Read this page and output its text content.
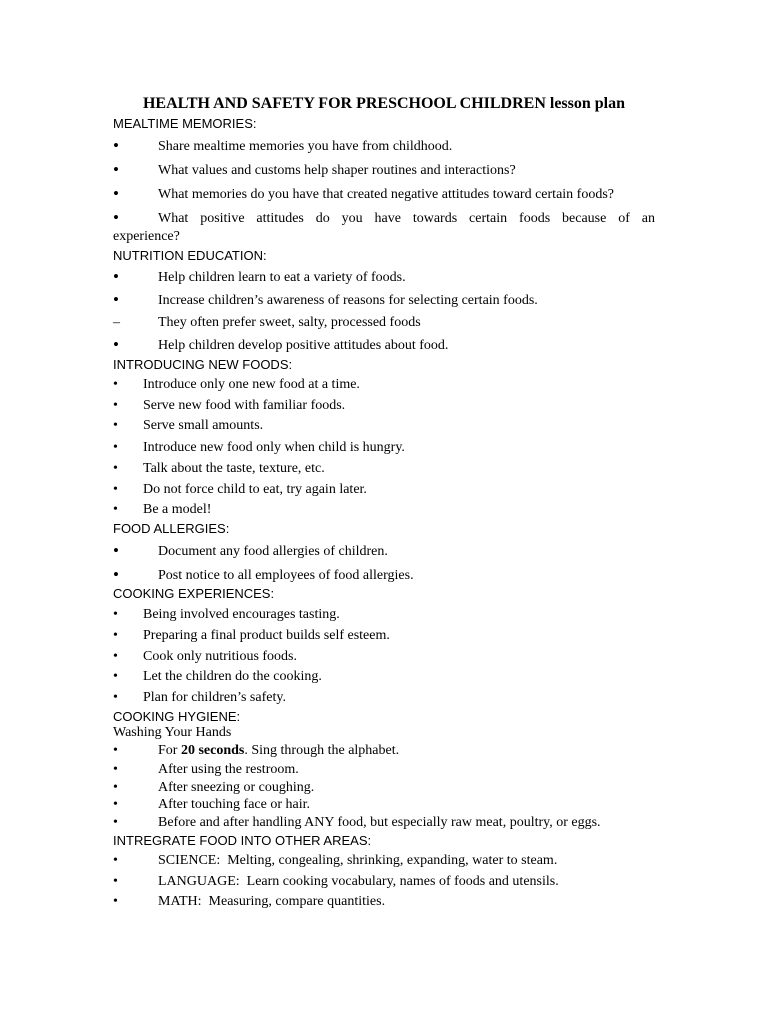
HEALTH AND SAFETY FOR PRESCHOOL CHILDREN lesson plan
MEALTIME MEMORIES:
•	Share mealtime memories you have from childhood.
•	What values and customs help shaper routines and interactions?
•	What memories do you have that created negative attitudes toward certain foods?
•	What positive attitudes do you have towards certain foods because of an
experience?
NUTRITION EDUCATION:
•	Help children learn to eat a variety of foods.
•	Increase children’s awareness of reasons for selecting certain foods.
–	They often prefer sweet, salty, processed foods
•	Help children develop positive attitudes about food.
INTRODUCING NEW FOODS:
• Introduce only one new food at a time.
• Serve new food with familiar foods.
• Serve small amounts.
• Introduce new food only when child is hungry.
• Talk about the taste, texture, etc.
• Do not force child to eat, try again later.
• Be a model!
FOOD ALLERGIES:
•	Document any food allergies of children.
•	Post notice to all employees of food allergies.
COOKING EXPERIENCES:
• Being involved encourages tasting.
• Preparing a final product builds self esteem.
• Cook only nutritious foods.
• Let the children do the cooking.
• Plan for children’s safety.
COOKING HYGIENE:
Washing Your Hands
•	For 20 seconds. Sing through the alphabet.
•	After using the restroom.
•	After sneezing or coughing.
•	After touching face or hair.
•	Before and after handling ANY food, but especially raw meat, poultry, or eggs.
INTREGRATE FOOD INTO OTHER AREAS:
•	SCIENCE:  Melting, congealing, shrinking, expanding, water to steam.
•	LANGUAGE:  Learn cooking vocabulary, names of foods and utensils.
•	MATH:  Measuring, compare quantities.
